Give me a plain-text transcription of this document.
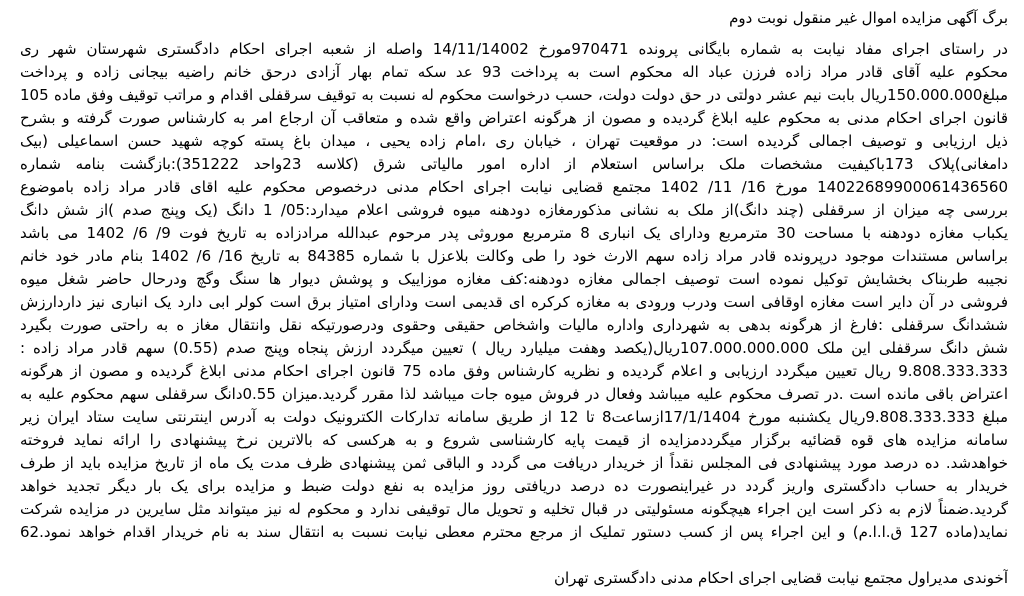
برگ آگهی مزایده اموال غیر منقول نوبت دوم
در راستای اجرای مفاد نیابت به شماره بایگانی پرونده 970471مورخ 14/11/14002 واصله از شعبه اجرای احکام دادگستری شهرستان شهر ری
محکوم علیه آقای قادر مراد زاده فرزن عباد اله محکوم است به پرداخت 93 عد سکه تمام بهار آزادی درحق خانم راضیه بیجانی زاده و پرداخت
مبلغ150.000.000ریال بابت نیم عشر دولتی در حق دولت دولت، حسب درخواست محکوم له نسبت به توقیف سرقفلی اقدام و مراتب توقیف وفق ماده 105
قانون اجرای احکام مدنی به محکوم علیه ابلاغ گردیده و مصون از هرگونه اعتراض واقع شده و متعاقب آن ارجاع امر به کارشناس صورت گرفته و بشرح
ذیل ارزیابی و توصیف اجمالی گردیده است: در موقعیت تهران ، خیابان ری ،امام زاده یحیی ، میدان باغ پسته کوچه شهید حسن اسماعیلی (بیک
دامغانی)پلاک 173باکیفیت مشخصات ملک براساس استعلام از اداره امور مالیاتی شرق (کلاسه 23واحد 351222):بازگشت بنامه شماره
14022689900061436560 مورخ 16/ 11/ 1402 مجتمع قضایی نیابت اجرای احکام مدنی درخصوص محکوم علیه اقای قادر مراد زاده باموضوع
بررسی چه میزان از سرقفلی (چند دانگ)از ملک به نشانی مذکورمغازه دودهنه میوه فروشی اعلام میدارد:05/ 1 دانگ (یک وپنج صدم )از شش دانگ
یکباب مغازه دودهنه با مساحت 30 مترمربع ودارای یک انباری 8 مترمربع موروثی پدر مرحوم عبدالله مرادزاده به تاریخ فوت 9/ 6/ 1402 می باشد
براساس مستندات موجود درپرونده قادر مراد زاده سهم الارث خود را طی وکالت بلاعزل با شماره 84385 به تاریخ 16/ 6/ 1402 بنام مادر خود خانم
نجیبه طربناک بخشایش توکیل نموده است توصیف اجمالی مغازه دودهنه:کف مغازه موزاییک و پوشش دیوار ها سنگ وگچ ودرحال حاضر شغل میوه
فروشی در آن دایر است مغازه اوقافی است ودرب ورودی به مغازه کرکره ای قدیمی است ودارای امتیاز برق است کولر ابی دارد یک انباری نیز داردارزش
ششدانگ سرقفلی :فارغ از هرگونه بدهی به شهرداری واداره مالیات واشخاص حقیقی وحقوی ودرصورتیکه نقل وانتقال مغاز ه به راحتی صورت بگیرد
شش دانگ سرقفلی این ملک 107.000.000.000ریال(یکصد وهفت میلیارد ریال ) تعیین میگردد ارزش پنجاه وپنج صدم (0.55) سهم قادر مراد زاده :
9.808.333.333 ریال تعیین میگردد ارزیابی و اعلام گردیده و نظریه کارشناس وفق ماده 75 قانون اجرای احکام مدنی ابلاغ گردیده و مصون از هرگونه
اعتراض باقی مانده است .در تصرف محکوم علیه میباشد وفعال در فروش میوه جات میباشد لذا مقرر گردید.میزان 0.55دانگ سرقفلی سهم محکوم علیه به
مبلغ 9.808.333.333ریال یکشنبه مورخ 17/1/1404ازساعت8 تا 12 از طریق سامانه تدارکات الکترونیک دولت به آدرس اینترنتی سایت ستاد ایران زیر
سامانه مزایده های قوه قضائیه برگزار میگرددمزایده از قیمت پایه کارشناسی شروع و به هرکسی که بالاترین نرخ پیشنهادی را ارائه نماید فروخته
خواهدشد. ده درصد مورد پیشنهادی فی المجلس نقداً از خریدار دریافت می گردد و الباقی ثمن پیشنهادی ظرف مدت یک ماه از تاریخ مزایده باید از طرف
خریدار به حساب دادگستری واریز گردد در غیراینصورت ده درصد دریافتی روز مزایده به نفع دولت ضبط و مزایده برای یک بار دیگر تجدید خواهد
گردید.ضمناً لازم به ذکر است این اجراء هیچگونه مسئولیتی در قبال تخلیه و تحویل مال توقیفی ندارد و محکوم له نیز میتواند مثل سایرین در مزایده شرکت
نماید(ماده 127 ق.ا.ا.م) و این اجراء پس از کسب دستور تملیک از مرجع محترم معطی نیابت نسبت به انتقال سند به نام خریدار اقدام خواهد نمود.62
آخوندی مدیراول مجتمع نیابت قضایی اجرای احکام مدنی دادگستری تهران
